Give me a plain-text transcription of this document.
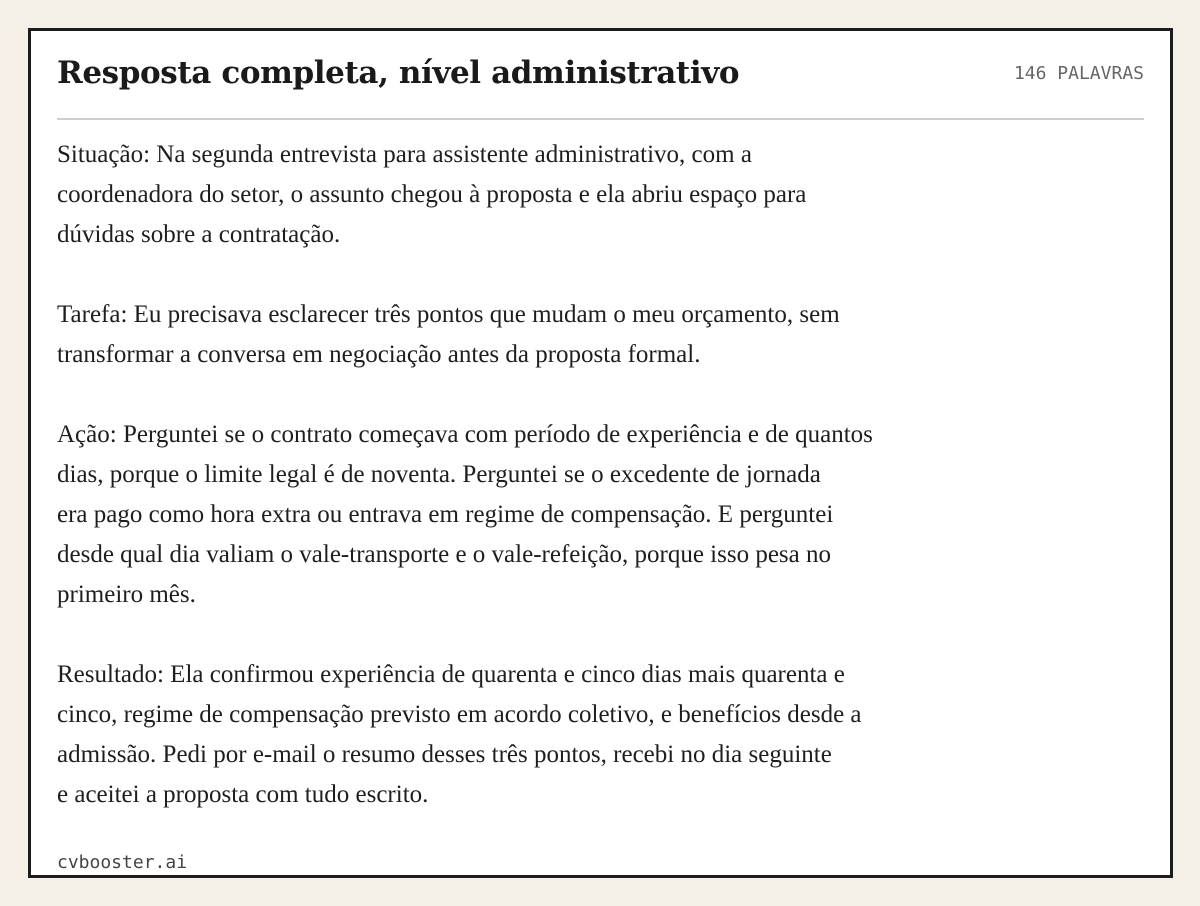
Resposta completa, nível administrativo	146 PALAVRAS

Situação: Na segunda entrevista para assistente administrativo, com a
coordenadora do setor, o assunto chegou à proposta e ela abriu espaço para
dúvidas sobre a contratação.

Tarefa: Eu precisava esclarecer três pontos que mudam o meu orçamento, sem
transformar a conversa em negociação antes da proposta formal.

Ação: Perguntei se o contrato começava com período de experiência e de quantos
dias, porque o limite legal é de noventa. Perguntei se o excedente de jornada
era pago como hora extra ou entrava em regime de compensação. E perguntei
desde qual dia valiam o vale-transporte e o vale-refeição, porque isso pesa no
primeiro mês.

Resultado: Ela confirmou experiência de quarenta e cinco dias mais quarenta e
cinco, regime de compensação previsto em acordo coletivo, e benefícios desde a
admissão. Pedi por e-mail o resumo desses três pontos, recebi no dia seguinte
e aceitei a proposta com tudo escrito.

cvbooster.ai
